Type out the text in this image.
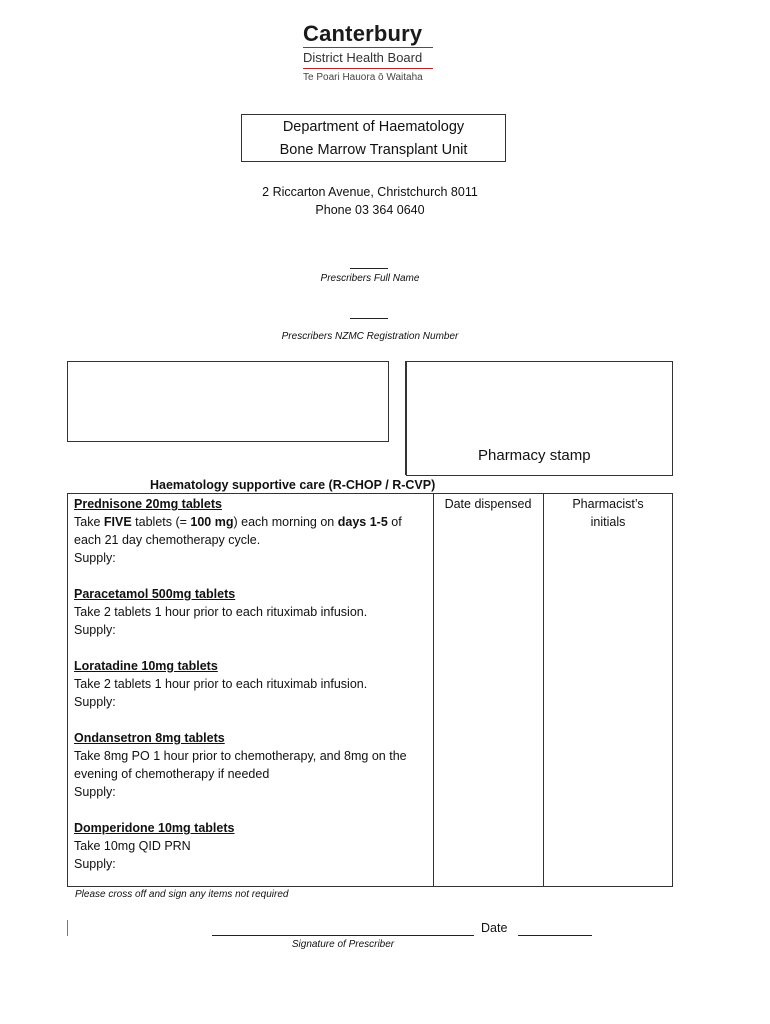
Canterbury
District Health Board
Te Poari Hauora ō Waitaha
Department of Haematology
Bone Marrow Transplant Unit
2 Riccarton Avenue, Christchurch 8011
Phone 03 364 0640
Prescribers Full Name
Prescribers NZMC Registration Number
Pharmacy stamp
Haematology supportive care (R-CHOP / R-CVP)
Date dispensed	Pharmacist’s initials
Prednisone 20mg tablets
Take FIVE tablets (= 100 mg) each morning on days 1-5 of each 21 day chemotherapy cycle.
Supply:
Paracetamol 500mg tablets
Take 2 tablets 1 hour prior to each rituximab infusion.
Supply:
Loratadine 10mg tablets
Take 2 tablets 1 hour prior to each rituximab infusion.
Supply:
Ondansetron 8mg tablets
Take 8mg PO 1 hour prior to chemotherapy, and 8mg on the evening of chemotherapy if needed
Supply:
Domperidone 10mg tablets
Take 10mg QID PRN
Supply:
Please cross off and sign any items not required
Signature of Prescriber
Date
